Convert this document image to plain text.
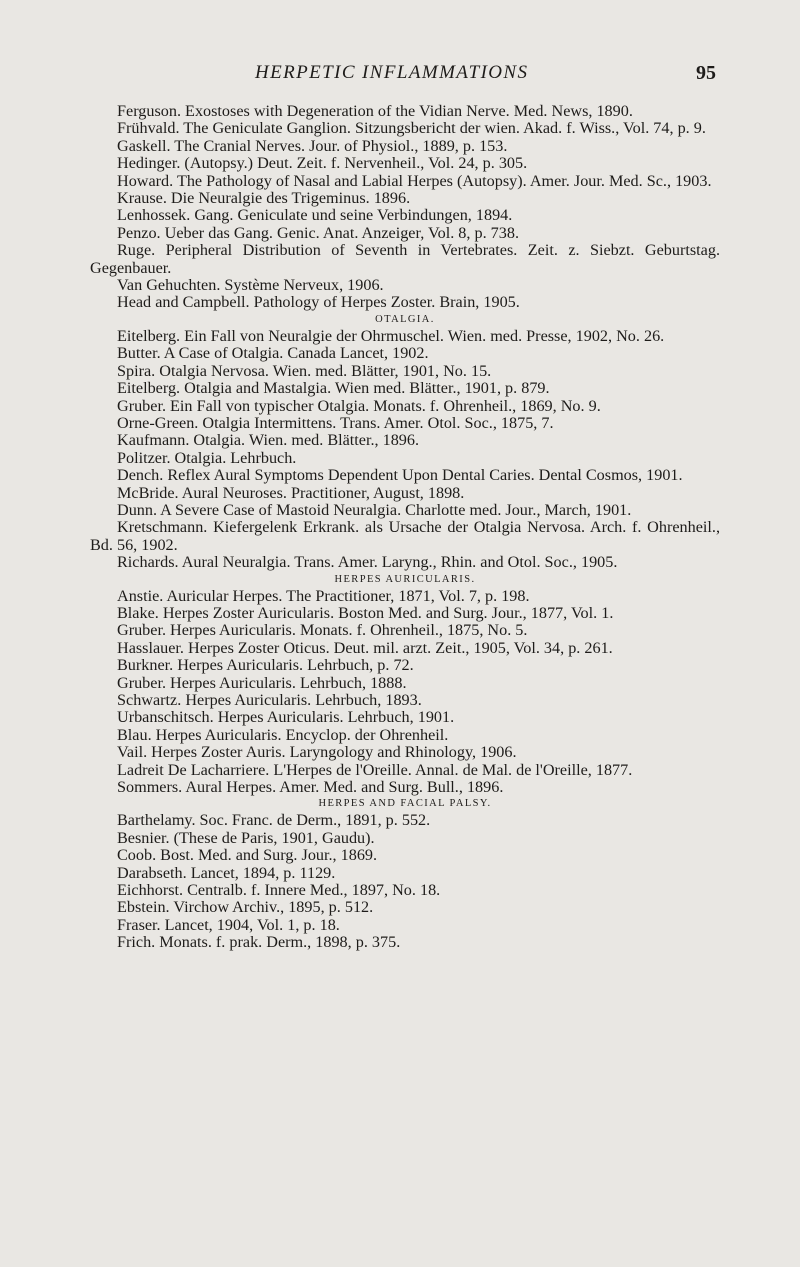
HERPETIC INFLAMMATIONS	95

Ferguson. Exostoses with Degeneration of the Vidian Nerve. Med. News, 1890.

Frühvald. The Geniculate Ganglion. Sitzungsbericht der wien. Akad. f. Wiss., Vol. 74, p. 9.

Gaskell. The Cranial Nerves. Jour. of Physiol., 1889, p. 153.

Hedinger. (Autopsy.) Deut. Zeit. f. Nervenheil., Vol. 24, p. 305.

Howard. The Pathology of Nasal and Labial Herpes (Autopsy). Amer. Jour. Med. Sc., 1903.

Krause. Die Neuralgie des Trigeminus. 1896.

Lenhossek. Gang. Geniculate und seine Verbindungen, 1894.

Penzo. Ueber das Gang. Genic. Anat. Anzeiger, Vol. 8, p. 738.

Ruge. Peripheral Distribution of Seventh in Vertebrates. Zeit. z. Siebzt. Geburtstag. Gegenbauer.

Van Gehuchten. Système Nerveux, 1906.

Head and Campbell. Pathology of Herpes Zoster. Brain, 1905.

OTALGIA.

Eitelberg. Ein Fall von Neuralgie der Ohrmuschel. Wien. med. Presse, 1902, No. 26.

Butter. A Case of Otalgia. Canada Lancet, 1902.

Spira. Otalgia Nervosa. Wien. med. Blätter, 1901, No. 15.

Eitelberg. Otalgia and Mastalgia. Wien med. Blätter., 1901, p. 879.

Gruber. Ein Fall von typischer Otalgia. Monats. f. Ohrenheil., 1869, No. 9.

Orne-Green. Otalgia Intermittens. Trans. Amer. Otol. Soc., 1875, 7.

Kaufmann. Otalgia. Wien. med. Blätter., 1896.

Politzer. Otalgia. Lehrbuch.

Dench. Reflex Aural Symptoms Dependent Upon Dental Caries. Dental Cosmos, 1901.

McBride. Aural Neuroses. Practitioner, August, 1898.

Dunn. A Severe Case of Mastoid Neuralgia. Charlotte med. Jour., March, 1901.

Kretschmann. Kiefergelenk Erkrank. als Ursache der Otalgia Nervosa. Arch. f. Ohrenheil., Bd. 56, 1902.

Richards. Aural Neuralgia. Trans. Amer. Laryng., Rhin. and Otol. Soc., 1905.

HERPES AURICULARIS.

Anstie. Auricular Herpes. The Practitioner, 1871, Vol. 7, p. 198.

Blake. Herpes Zoster Auricularis. Boston Med. and Surg. Jour., 1877, Vol. 1.

Gruber. Herpes Auricularis. Monats. f. Ohrenheil., 1875, No. 5.

Hasslauer. Herpes Zoster Oticus. Deut. mil. arzt. Zeit., 1905, Vol. 34, p. 261.

Burkner. Herpes Auricularis. Lehrbuch, p. 72.

Gruber. Herpes Auricularis. Lehrbuch, 1888.

Schwartz. Herpes Auricularis. Lehrbuch, 1893.

Urbanschitsch. Herpes Auricularis. Lehrbuch, 1901.

Blau. Herpes Auricularis. Encyclop. der Ohrenheil.

Vail. Herpes Zoster Auris. Laryngology and Rhinology, 1906.

Ladreit De Lacharriere. L'Herpes de l'Oreille. Annal. de Mal. de l'Oreille, 1877.

Sommers. Aural Herpes. Amer. Med. and Surg. Bull., 1896.

HERPES AND FACIAL PALSY.

Barthelamy. Soc. Franc. de Derm., 1891, p. 552.

Besnier. (These de Paris, 1901, Gaudu).

Coob. Bost. Med. and Surg. Jour., 1869.

Darabseth. Lancet, 1894, p. 1129.

Eichhorst. Centralb. f. Innere Med., 1897, No. 18.

Ebstein. Virchow Archiv., 1895, p. 512.

Fraser. Lancet, 1904, Vol. 1, p. 18.

Frich. Monats. f. prak. Derm., 1898, p. 375.
